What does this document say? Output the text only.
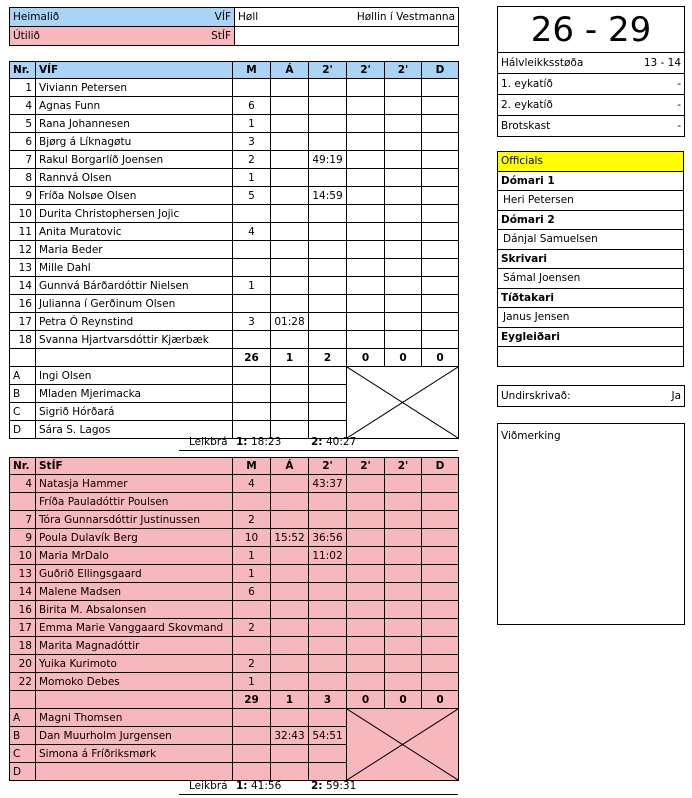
Heimalið VÍF	Høll Høllin í Vestmanna

Útilið StÍF	

Nr.	VÍF	M	Á	2'	2'	2'	D
1	Viviann Petersen						
4	Agnas Funn	6					
5	Rana Johannesen	1					
6	Bjørg á Líknagøtu	3					
7	Rakul Borgarlíð Joensen	2		49:19			
8	Rannvá Olsen	1					
9	Fríða Nolsøe Olsen	5		14:59			
10	Durita Christophersen Jojic						
11	Anita Muratovic	4					
12	Maria Beder						
13	Mille Dahl						
14	Gunnvá Bárðardóttir Nielsen	1					
16	Julianna í Gerðinum Olsen						
17	Petra Ó Reynstind	3	01:28				
18	Svanna Hjartvarsdóttir Kjærbæk						
		26	1	2	0	0	0
A	Ingi Olsen				

B	Mladen Mjerimacka						
C	Sigrið Hórðará						
D	Sára S. Lagos						
Leikbrá 1: 18:23	2: 40:27
Nr.	StÍF	M	Á	2'	2'	2'	D
4	Natasja Hammer	4		43:37			
	Fríða Pauladóttir Poulsen						
7	Tóra Gunnarsdóttir Justinussen	2					
9	Poula Dulavík Berg	10	15:52	36:56			
10	Maria MrDalo	1		11:02			
13	Guðrið Ellingsgaard	1					
14	Malene Madsen	6					
16	Birita M. Absalonsen						
17	Emma Marie Vanggaard Skovmand	2					
18	Marita Magnadóttir						
20	Yuika Kurimoto	2					
22	Momoko Debes	1					
		29	1	3	0	0	0
A	Magni Thomsen				

B	Dan Muurholm Jurgensen		32:43	54:51			
C	Simona á Fríðriksmørk						
D							
Leikbrá 1: 41:56	2: 59:31
26 - 29	
Hálvleikksstøða	13 - 14
1. eykatíð	-
2. eykatíð	-
Brotskast	-
Officials
Dómari 1
Heri Petersen
Dómari 2
Dánjal Samuelsen
Skrivari
Sámal Joensen
Tíðtakari
Janus Jensen
Eygleiðari

Undirskrivað:	Ja
Viðmerking
